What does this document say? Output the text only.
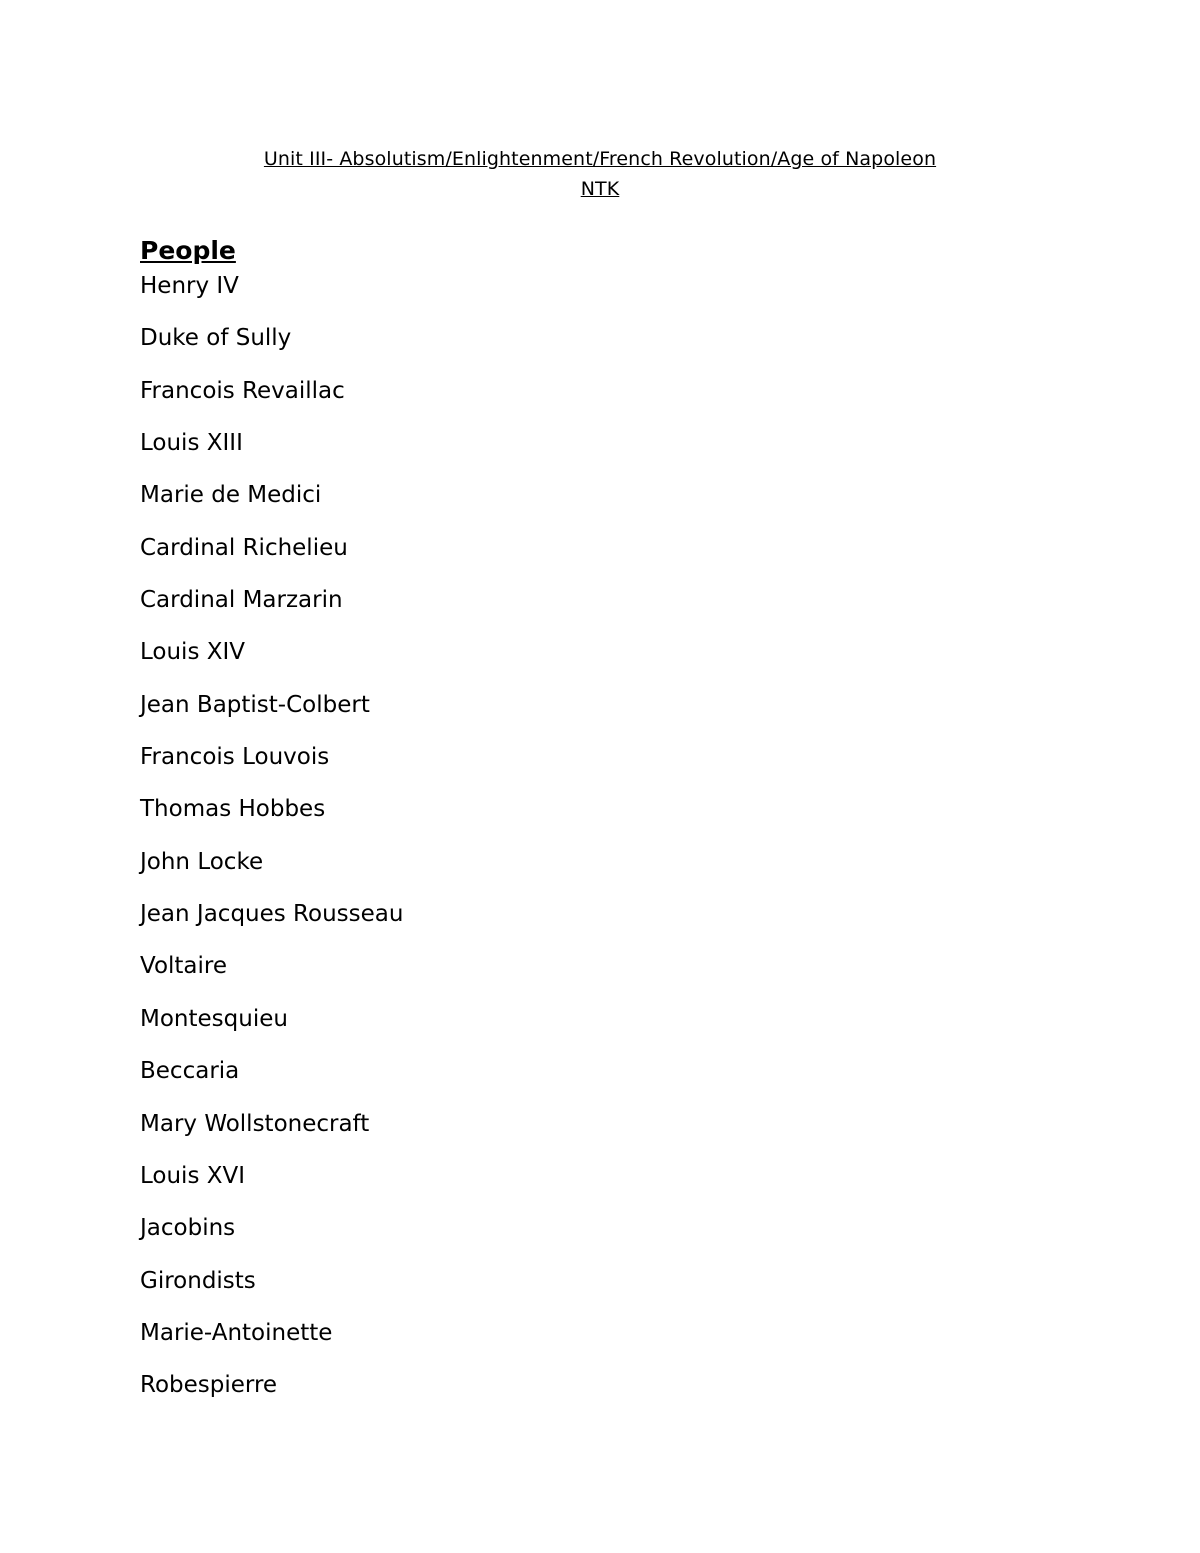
Unit III- Absolutism/Enlightenment/French Revolution/Age of Napoleon
NTK
People
Henry IV
Duke of Sully
Francois Revaillac
Louis XIII
Marie de Medici
Cardinal Richelieu
Cardinal Marzarin
Louis XIV
Jean Baptist-Colbert
Francois Louvois
Thomas Hobbes
John Locke
Jean Jacques Rousseau
Voltaire
Montesquieu
Beccaria
Mary Wollstonecraft
Louis XVI
Jacobins
Girondists
Marie-Antoinette
Robespierre
